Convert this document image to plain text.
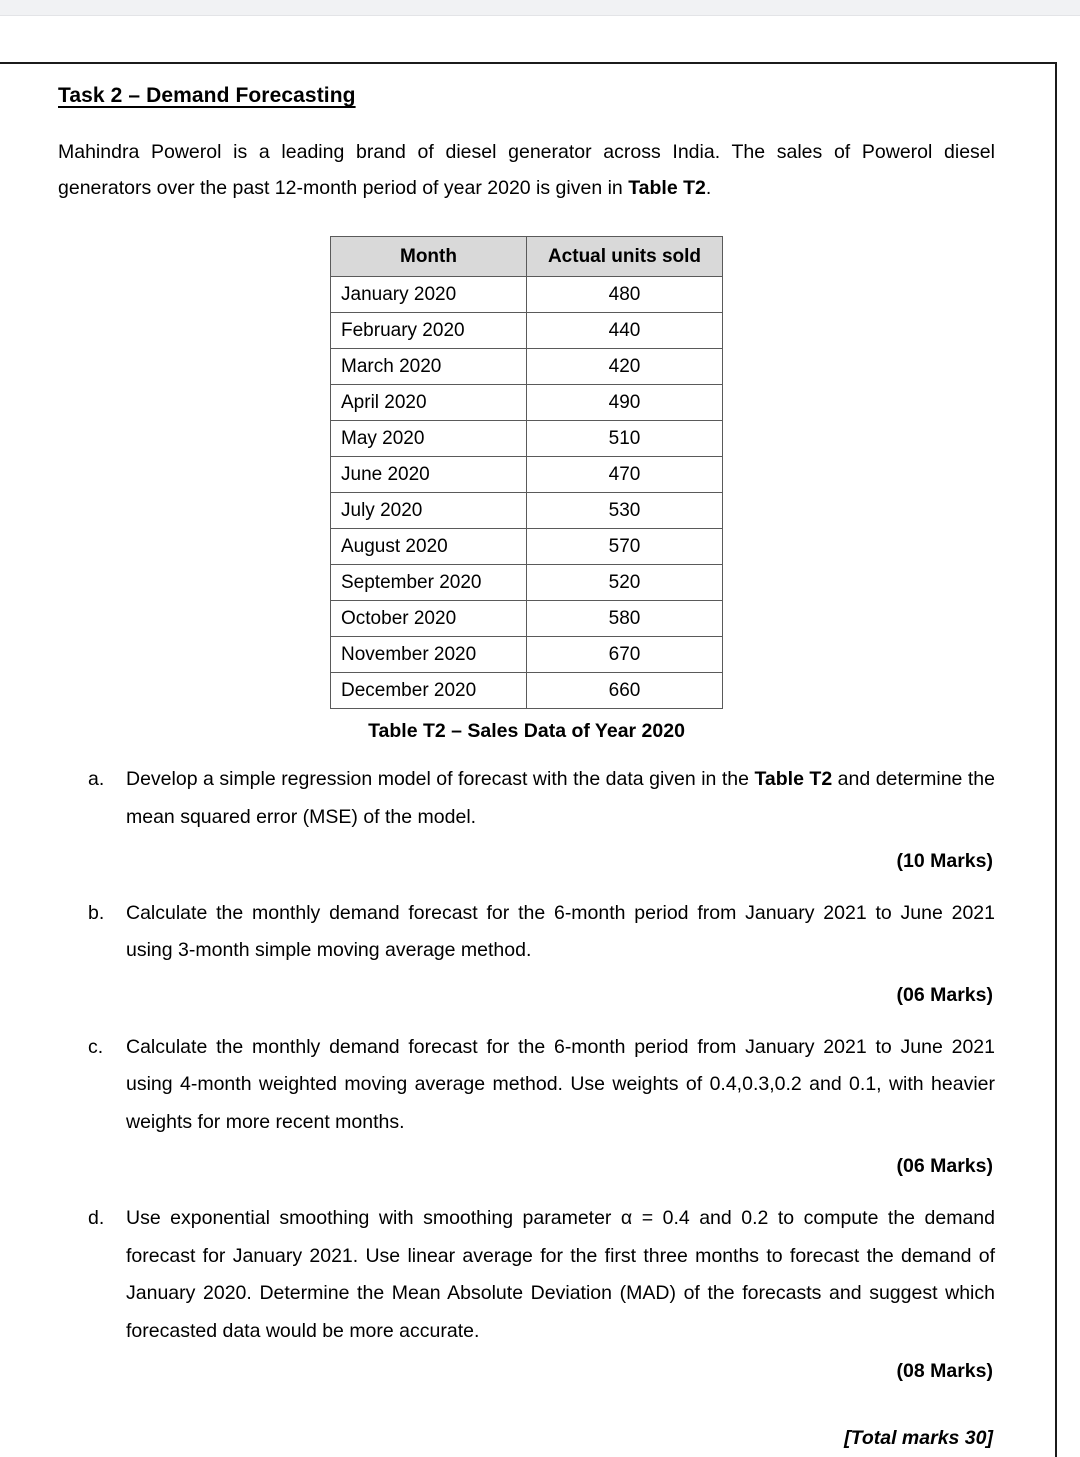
Task 2 – Demand Forecasting

Mahindra Powerol is a leading brand of diesel generator across India. The sales of Powerol diesel generators over the past 12-month period of year 2020 is given in Table T2.

Month	Actual units sold
January 2020	480
February 2020	440
March 2020	420
April 2020	490
May 2020	510
June 2020	470
July 2020	530
August 2020	570
September 2020	520
October 2020	580
November 2020	670
December 2020	660
Table T2 – Sales Data of Year 2020
a. Develop a simple regression model of forecast with the data given in the Table T2 and determine the mean squared error (MSE) of the model.

(10 Marks)
b. Calculate the monthly demand forecast for the 6-month period from January 2021 to June 2021 using 3-month simple moving average method.

(06 Marks)
c. Calculate the monthly demand forecast for the 6-month period from January 2021 to June 2021 using 4-month weighted moving average method. Use weights of 0.4,0.3,0.2 and 0.1, with heavier weights for more recent months.

(06 Marks)
d. Use exponential smoothing with smoothing parameter α = 0.4 and 0.2 to compute the demand forecast for January 2021. Use linear average for the first three months to forecast the demand of January 2020. Determine the Mean Absolute Deviation (MAD) of the forecasts and suggest which forecasted data would be more accurate.

(08 Marks)
[Total marks 30]
